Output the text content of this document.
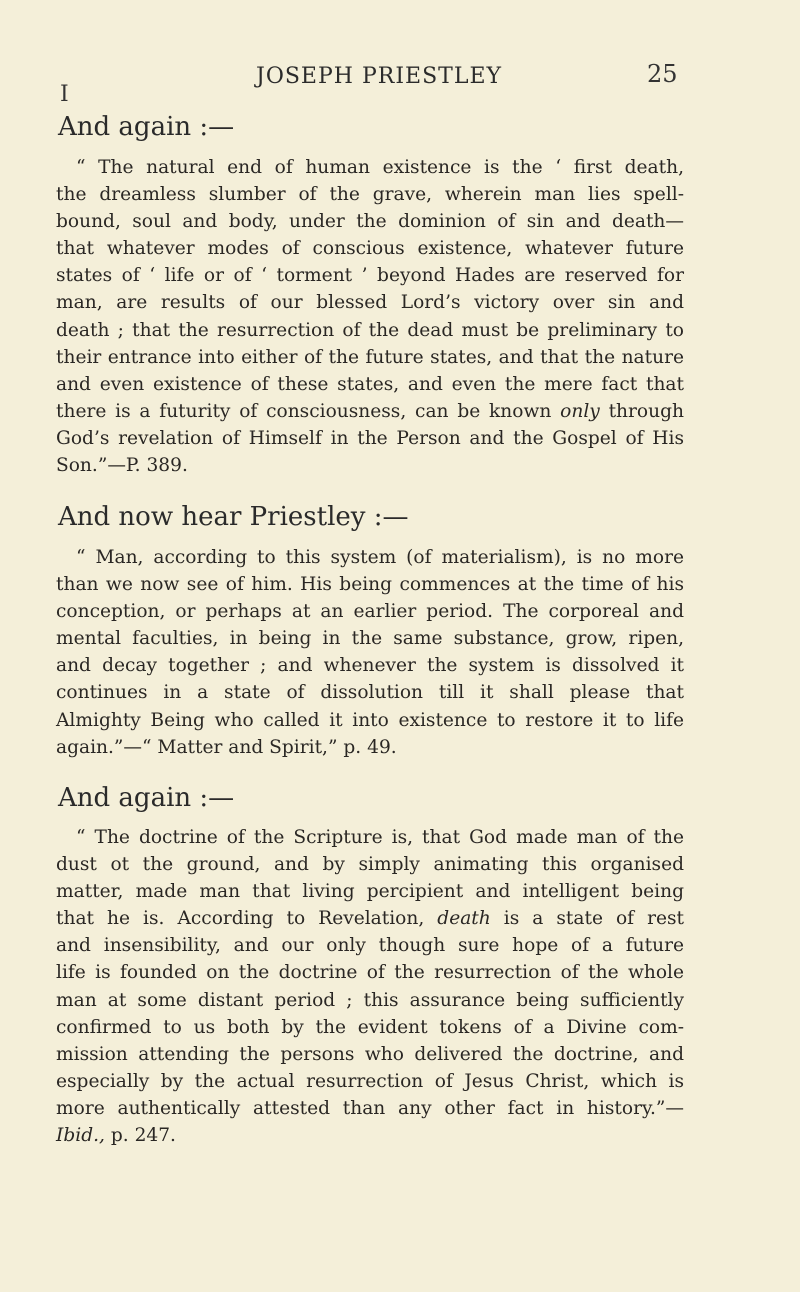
I
JOSEPH PRIESTLEY	25
And again :—

“ The natural end of human existence is the ‘ first death,
the dreamless slumber of the grave, wherein man lies spell-
bound, soul and body, under the dominion of sin and death—
that whatever modes of conscious existence, whatever future
states of ‘ life or of ‘ torment ’ beyond Hades are reserved for
man, are results of our blessed Lord’s victory over sin and
death ; that the resurrection of the dead must be preliminary to
their entrance into either of the future states, and that the nature
and even existence of these states, and even the mere fact that
there is a futurity of consciousness, can be known only through
God’s revelation of Himself in the Person and the Gospel of His
Son.”—P. 389.

And now hear Priestley :—

“ Man, according to this system (of materialism), is no more
than we now see of him. His being commences at the time of his
conception, or perhaps at an earlier period. The corporeal and
mental faculties, in being in the same substance, grow, ripen,
and decay together ; and whenever the system is dissolved it
continues in a state of dissolution till it shall please that
Almighty Being who called it into existence to restore it to life
again.”—“ Matter and Spirit,” p. 49.

And again :—

“ The doctrine of the Scripture is, that God made man of the
dust ot the ground, and by simply animating this organised
matter, made man that living percipient and intelligent being
that he is. According to Revelation, death is a state of rest
and insensibility, and our only though sure hope of a future
life is founded on the doctrine of the resurrection of the whole
man at some distant period ; this assurance being sufficiently
confirmed to us both by the evident tokens of a Divine com-
mission attending the persons who delivered the doctrine, and
especially by the actual resurrection of Jesus Christ, which is
more authentically attested than any other fact in history.”—
Ibid., p. 247.
